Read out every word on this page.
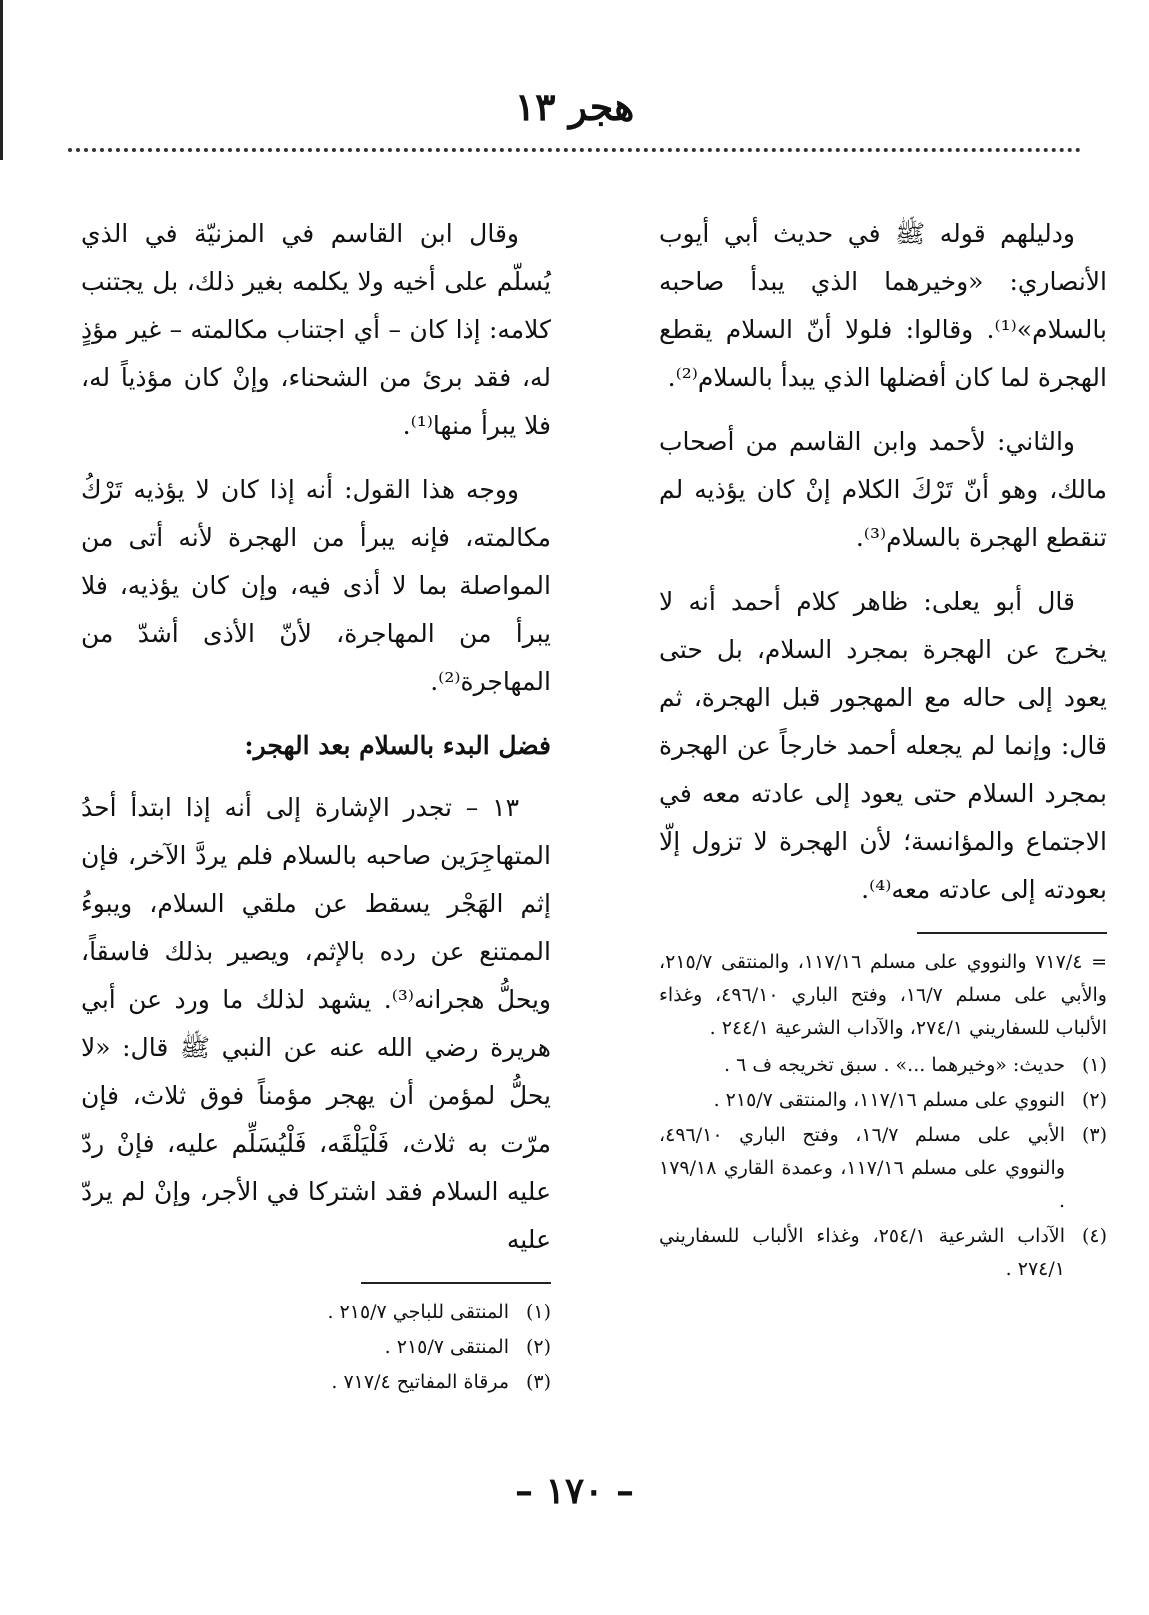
هجر ١٣

ودليلهم قوله ﷺ في حديث أبي أيوب الأنصاري: «وخيرهما الذي يبدأ صاحبه بالسلام»⁽¹⁾. وقالوا: فلولا أنّ السلام يقطع الهجرة لما كان أفضلها الذي يبدأ بالسلام⁽²⁾.

والثاني: لأحمد وابن القاسم من أصحاب مالك، وهو أنّ تَرْكَ الكلام إنْ كان يؤذيه لم تنقطع الهجرة بالسلام⁽³⁾.

قال أبو يعلى: ظاهر كلام أحمد أنه لا يخرج عن الهجرة بمجرد السلام، بل حتى يعود إلى حاله مع المهجور قبل الهجرة، ثم قال: وإنما لم يجعله أحمد خارجاً عن الهجرة بمجرد السلام حتى يعود إلى عادته معه في الاجتماع والمؤانسة؛ لأن الهجرة لا تزول إلّا بعودته إلى عادته معه⁽⁴⁾.

= ٧١٧/٤ والنووي على مسلم ١١٧/١٦، والمنتقى ٢١٥/٧، والأبي على مسلم ١٦/٧، وفتح الباري ٤٩٦/١٠، وغذاء الألباب للسفاريني ٢٧٤/١، والآداب الشرعية ٢٤٤/١ .

(١)
حديث: «وخيرهما ...» . سبق تخريجه ف ٦ .
(٢)
النووي على مسلم ١١٧/١٦، والمنتقى ٢١٥/٧ .
(٣)
الأبي على مسلم ١٦/٧، وفتح الباري ٤٩٦/١٠، والنووي على مسلم ١١٧/١٦، وعمدة القاري ١٧٩/١٨ .
(٤)
الآداب الشرعية ٢٥٤/١، وغذاء الألباب للسفاريني ٢٧٤/١ .

وقال ابن القاسم في المزنيّة في الذي يُسلّم على أخيه ولا يكلمه بغير ذلك، بل يجتنب كلامه: إذا كان – أي اجتناب مكالمته – غير مؤذٍ له، فقد برئ من الشحناء، وإنْ كان مؤذياً له، فلا يبرأ منها⁽¹⁾.

ووجه هذا القول: أنه إذا كان لا يؤذيه تَرْكُ مكالمته، فإنه يبرأ من الهجرة لأنه أتى من المواصلة بما لا أذى فيه، وإن كان يؤذيه، فلا يبرأ من المهاجرة، لأنّ الأذى أشدّ من المهاجرة⁽²⁾.

فضل البدء بالسلام بعد الهجر:

١٣ – تجدر الإشارة إلى أنه إذا ابتدأ أحدُ المتهاجِرَين صاحبه بالسلام فلم يردَّ الآخر، فإن إثم الهَجْر يسقط عن ملقي السلام، ويبوءُ الممتنع عن رده بالإثم، ويصير بذلك فاسقاً، ويحلُّ هجرانه⁽³⁾. يشهد لذلك ما ورد عن أبي هريرة رضي الله عنه عن النبي ﷺ قال: «لا يحلُّ لمؤمن أن يهجر مؤمناً فوق ثلاث، فإن مرّت به ثلاث، فَلْيَلْقَه، فَلْيُسَلِّم عليه، فإنْ ردّ عليه السلام فقد اشتركا في الأجر، وإنْ لم يردّ عليه

(١)
المنتقى للباجي ٢١٥/٧ .
(٢)
المنتقى ٢١٥/٧ .
(٣)
مرقاة المفاتيح ٧١٧/٤ .
– ١٧٠ –
